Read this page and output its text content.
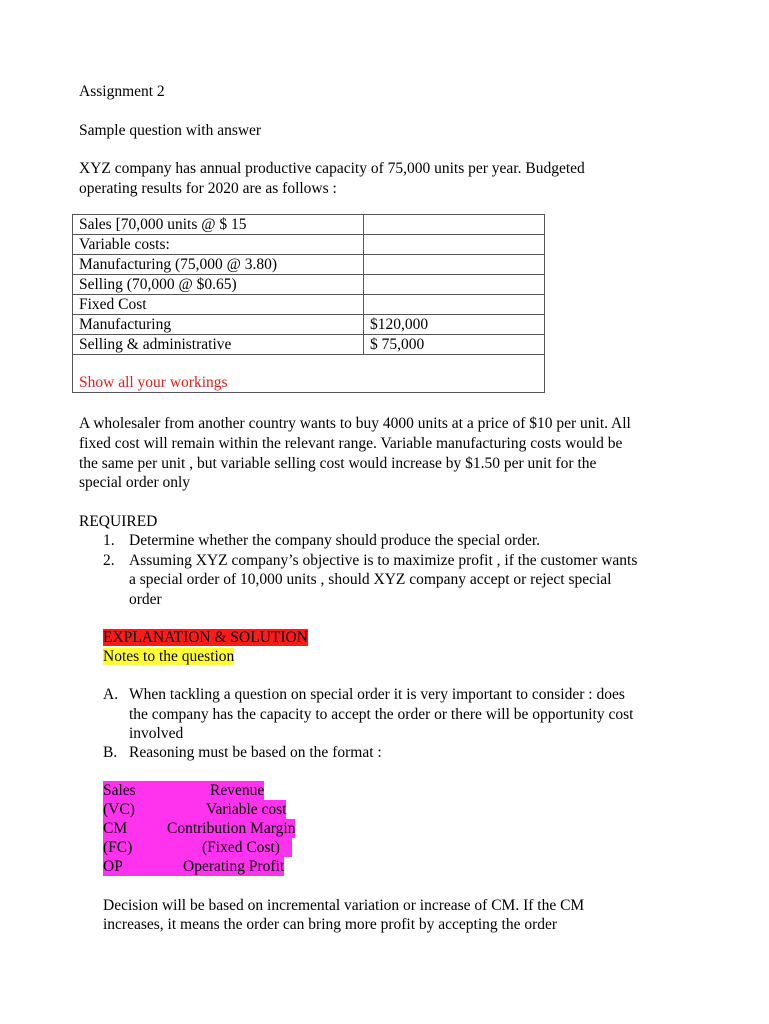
Assignment 2
Sample question with answer
XYZ company has annual productive capacity of 75,000 units per year. Budgeted
operating results for 2020 are as follows :
Sales [70,000 units @ $ 15	
Variable costs:	
Manufacturing (75,000 @ 3.80)	
Selling (70,000 @ $0.65)	
Fixed Cost	
Manufacturing	$120,000
Selling & administrative	$ 75,000
Show all your workings	
A wholesaler from another country wants to buy 4000 units at a price of $10 per unit. All
fixed cost will remain within the relevant range. Variable manufacturing costs would be
the same per unit , but variable selling cost would increase by $1.50 per unit for the
special order only
REQUIRED
1. Determine whether the company should produce the special order.
2. Assuming XYZ company’s objective is to maximize profit , if the customer wants
a special order of 10,000 units , should XYZ company accept or reject special
order
EXPLANATION & SOLUTION
Notes to the question
A. When tackling a question on special order it is very important to consider : does
the company has the capacity to accept the order or there will be opportunity cost
involved
B. Reasoning must be based on the format :
Sales	Revenue
(VC)	Variable cost
CM	Contribution Margin
(FC)	(Fixed Cost)
OP	Operating Profit
Decision will be based on incremental variation or increase of CM. If the CM
increases, it means the order can bring more profit by accepting the order
